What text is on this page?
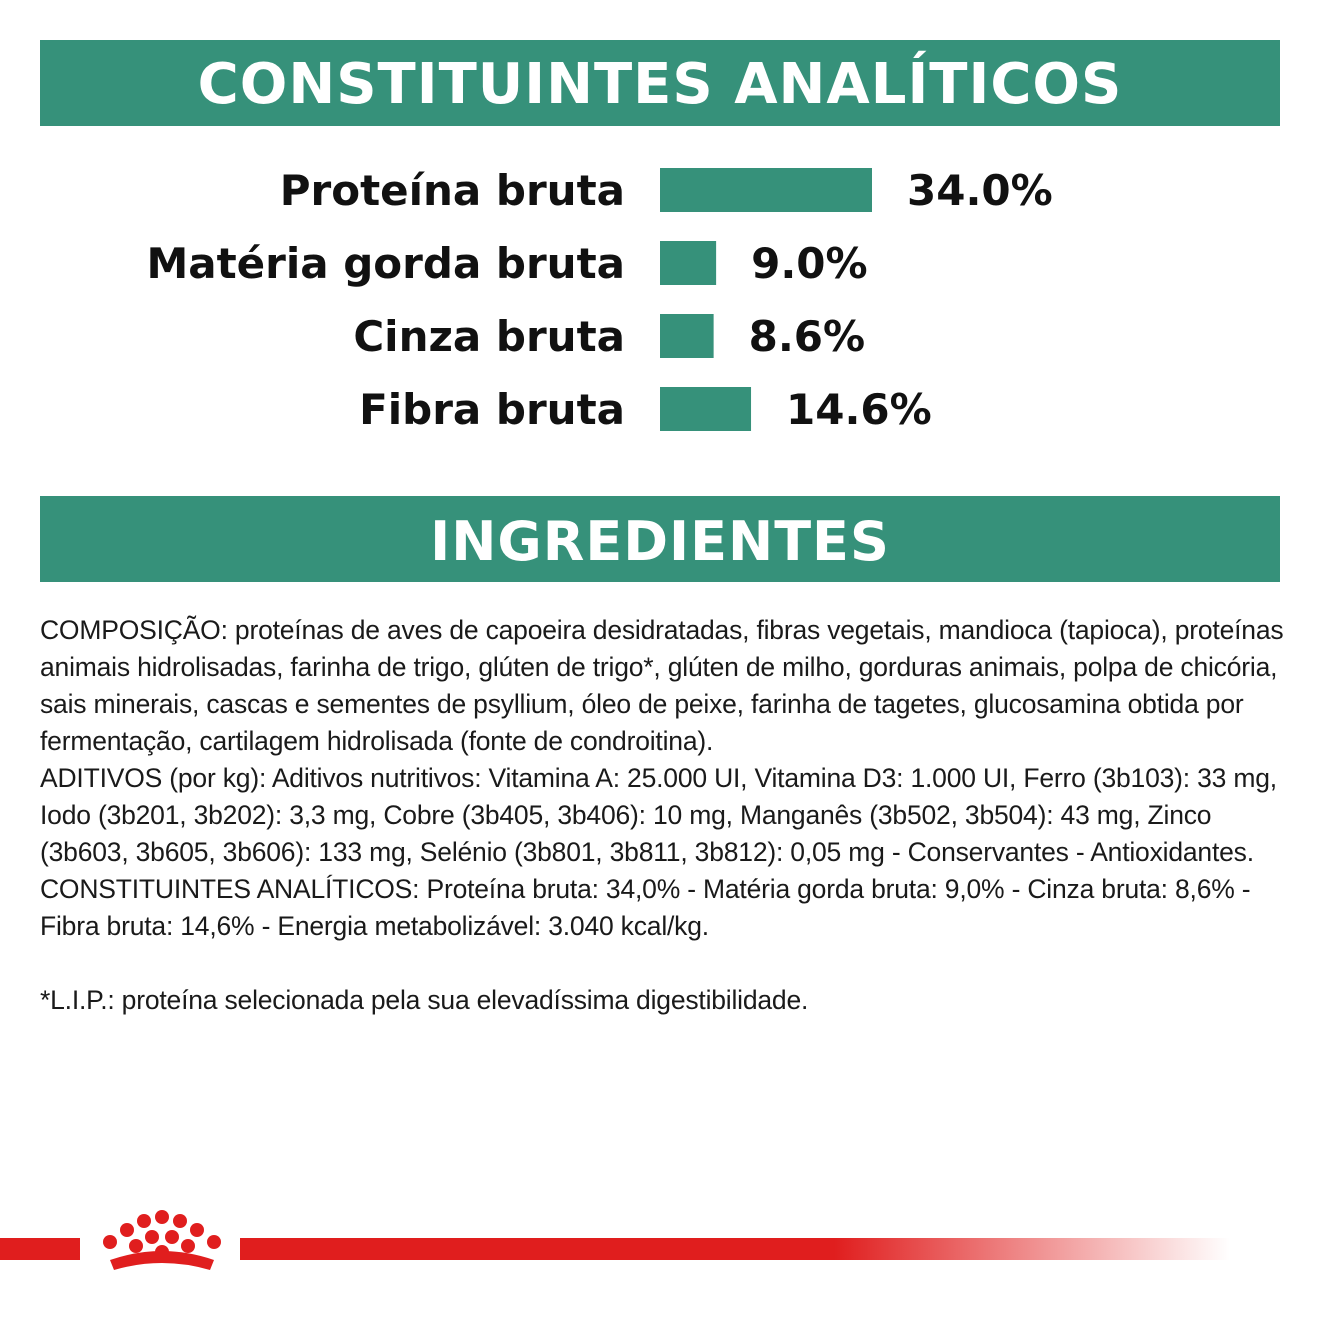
CONSTITUINTES ANALÍTICOS
Proteína bruta	34.0%
Matéria gorda bruta	9.0%
Cinza bruta	8.6%
Fibra bruta	14.6%
INGREDIENTES

COMPOSIÇÃO: proteínas de aves de capoeira desidratadas, fibras vegetais, mandioca (tapioca), proteínas animais hidrolisadas, farinha de trigo, glúten de trigo*, glúten de milho, gorduras animais, polpa de chicória, sais minerais, cascas e sementes de psyllium, óleo de peixe, farinha de tagetes, glucosamina obtida por fermentação, cartilagem hidrolisada (fonte de condroitina).

ADITIVOS (por kg): Aditivos nutritivos: Vitamina A: 25.000 UI, Vitamina D3: 1.000 UI, Ferro (3b103): 33 mg, Iodo (3b201, 3b202): 3,3 mg, Cobre (3b405, 3b406): 10 mg, Manganês (3b502, 3b504): 43 mg, Zinco (3b603, 3b605, 3b606): 133 mg, Selénio (3b801, 3b811, 3b812): 0,05 mg - Conservantes - Antioxidantes.

CONSTITUINTES ANALÍTICOS: Proteína bruta: 34,0% - Matéria gorda bruta: 9,0% - Cinza bruta: 8,6% - Fibra bruta: 14,6% - Energia metabolizável: 3.040 kcal/kg.

*L.I.P.: proteína selecionada pela sua elevadíssima digestibilidade.
